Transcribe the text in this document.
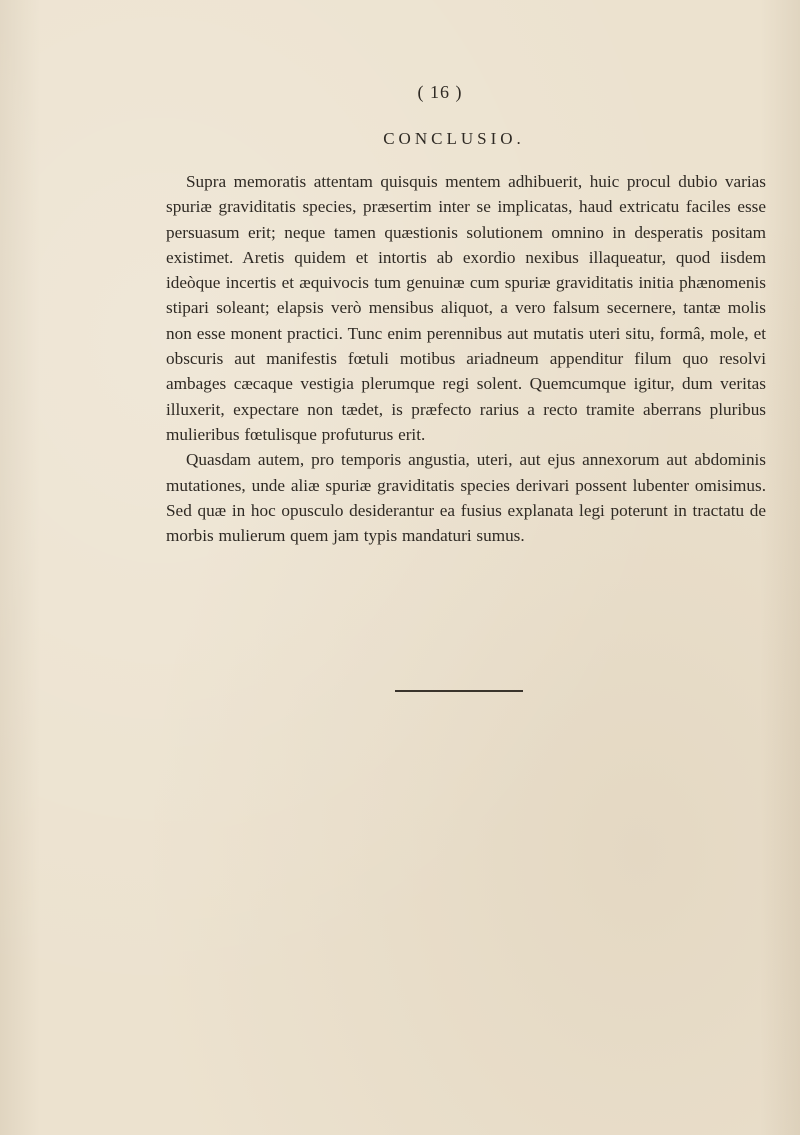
( 16 )
CONCLUSIO.

Supra memoratis attentam quisquis mentem adhibuerit, huic procul dubio varias spuriæ graviditatis species, præsertim inter se implicatas, haud extricatu faciles esse persuasum erit; neque tamen quæstionis solutionem omnino in desperatis positam existimet. Aretis quidem et intortis ab exordio nexibus illaqueatur, quod iisdem ideòque incertis et æquivocis tum genuinæ cum spuriæ graviditatis initia phænomenis stipari soleant; elapsis verò mensibus aliquot, a vero falsum secernere, tantæ molis non esse monent practici. Tunc enim perennibus aut mutatis uteri situ, formâ, mole, et obscuris aut manifestis fœtuli motibus ariadneum appenditur filum quo resolvi ambages cæcaque vestigia plerumque regi solent. Quemcumque igitur, dum veritas illuxerit, expectare non tædet, is præfecto rarius a recto tramite aberrans pluribus mulieribus fœtulisque profuturus erit.

Quasdam autem, pro temporis angustia, uteri, aut ejus annexorum aut abdominis mutationes, unde aliæ spuriæ graviditatis species derivari possent lubenter omisimus. Sed quæ in hoc opusculo desiderantur ea fusius explanata legi poterunt in tractatu de morbis mulierum quem jam typis mandaturi sumus.
